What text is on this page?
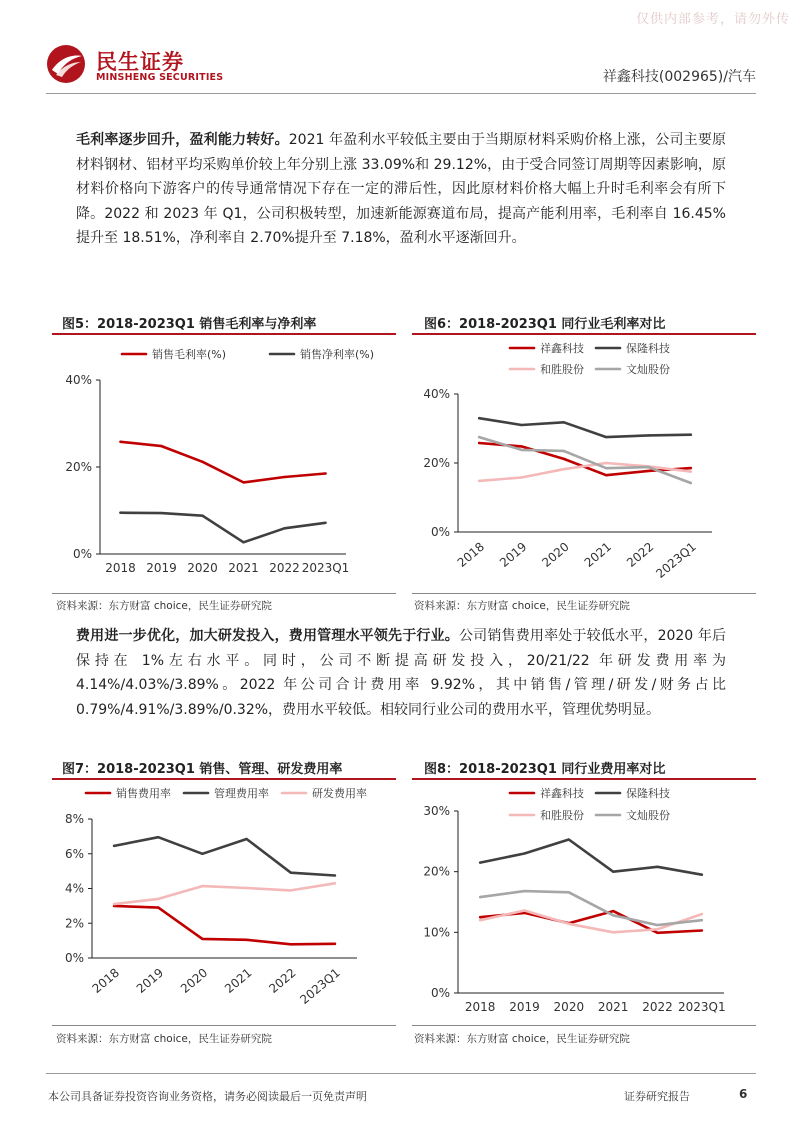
仅供内部参考，请勿外传
民生证券
MINSHENG SECURITIES	祥鑫科技(002965)/汽车
毛利率逐步回升，盈利能力转好。2021 年盈利水平较低主要由于当期原材料采购价格上涨，公司主要原材料钢材、铝材平均采购单价较上年分别上涨 33.09%和 29.12%，由于受合同签订周期等因素影响，原材料价格向下游客户的传导通常情况下存在一定的滞后性，因此原材料价格大幅上升时毛利率会有所下降。2022 和 2023 年 Q1，公司积极转型，加速新能源赛道布局，提高产能利用率，毛利率自 16.45%提升至 18.51%，净利率自 2.70%提升至 7.18%，盈利水平逐渐回升。
图5：2018-2023Q1 销售毛利率与净利率
0%
20%
40%
2018 2019 2020 2021 2022 2023Q1
销售毛利率(%)	销售净利率(%)
资料来源：东方财富 choice，民生证券研究院
图6：2018-2023Q1 同行业毛利率对比
0%
20%
40%
2018 2019 2020 2021 2022
2023Q1
祥鑫科技	保隆科技
和胜股份	文灿股份
资料来源：东方财富 choice，民生证券研究院
费用进一步优化，加大研发投入，费用管理水平领先于行业。公司销售费用率处于较低水平，2020 年后保持在 1%左右水平。同时，公司不断提高研发投入，20/21/22 年研发费用率为 4.14%/4.03%/3.89%。2022 年公司合计费用率 9.92%，其中销售/管理/研发/财务占比 0.79%/4.91%/3.89%/0.32%，费用水平较低。相较同行业公司的费用水平，管理优势明显。
图7：2018-2023Q1 销售、管理、研发费用率
0%
2%
4%
6%
8%
2018 2019 2020 2021 2022
2023Q1
销售费用率	管理费用率	研发费用率
资料来源：东方财富 choice，民生证券研究院
图8：2018-2023Q1 同行业费用率对比
0%
10%
20%
30%
2018 2019 2020 2021 2022 2023Q1
祥鑫科技	保隆科技
和胜股份	文灿股份
资料来源：东方财富 choice，民生证券研究院
本公司具备证券投资咨询业务资格，请务必阅读最后一页免责声明	证券研究报告	6
